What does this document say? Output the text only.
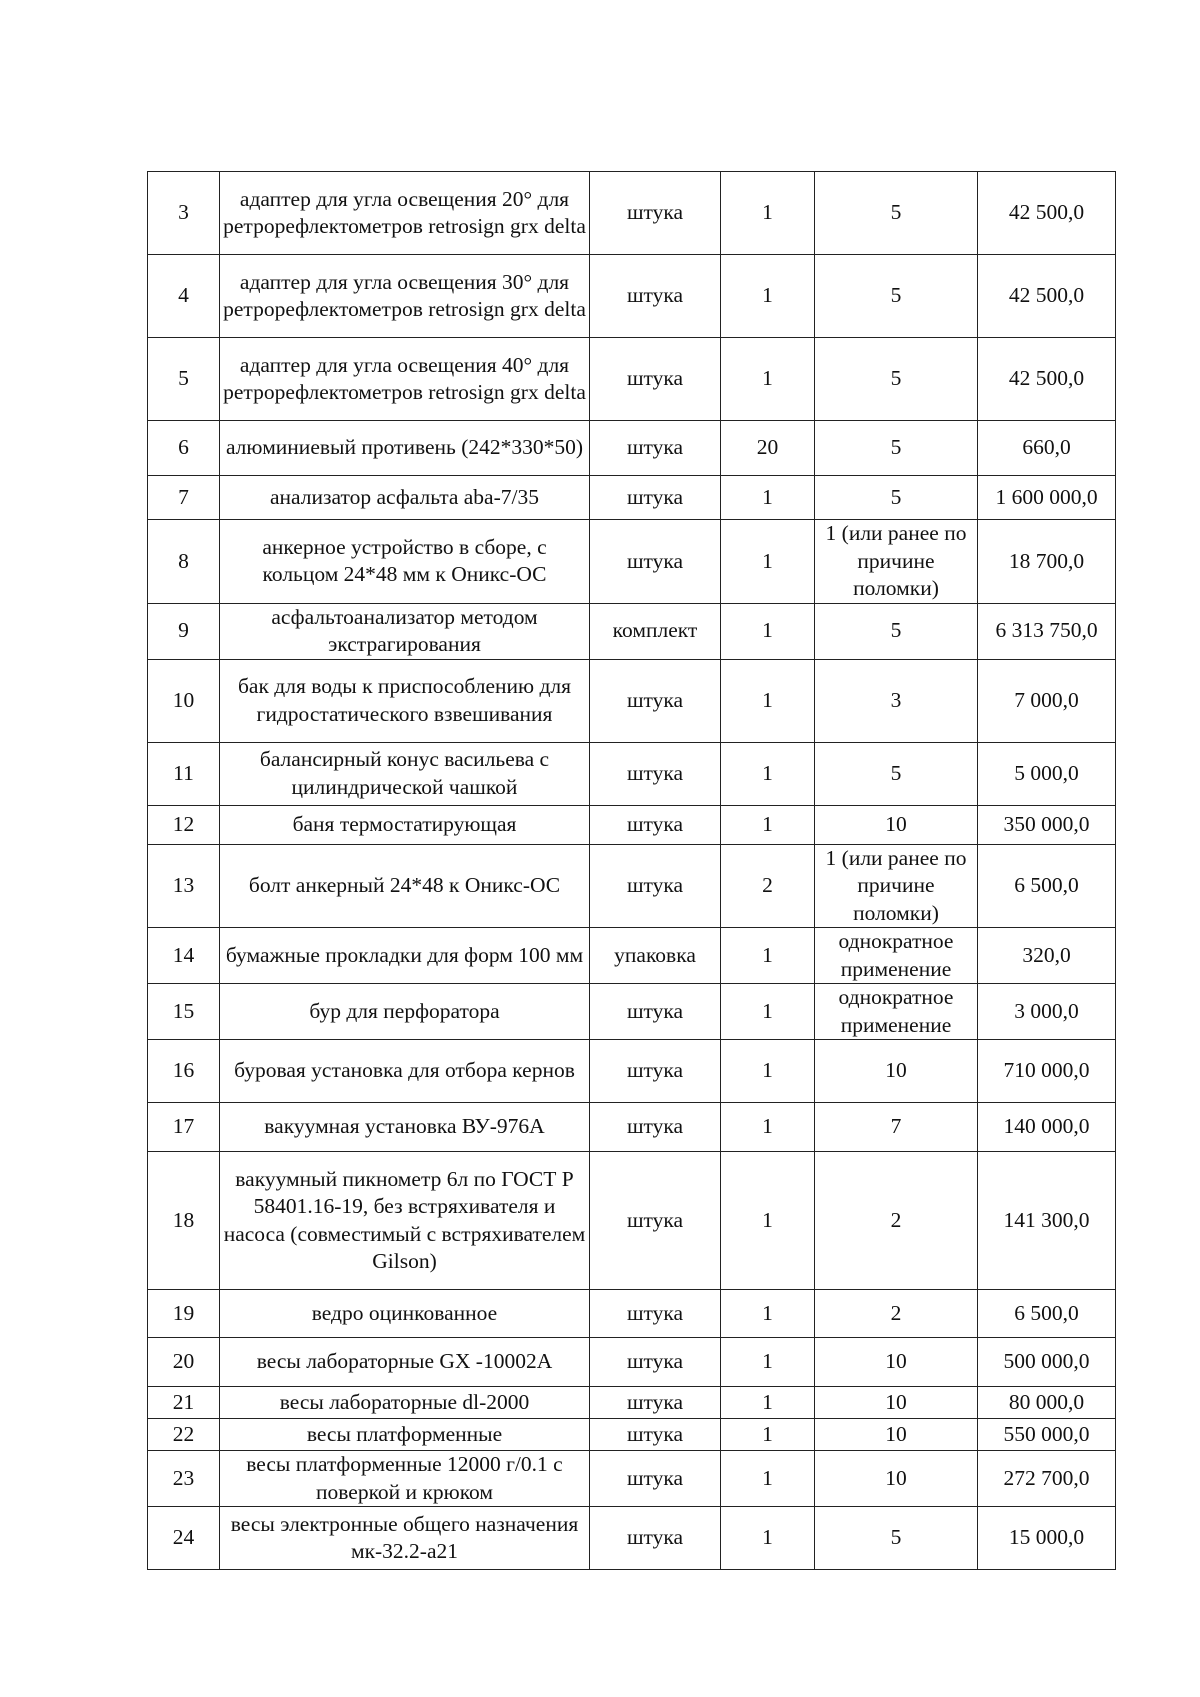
3	адаптер для угла освещения 20° для ретрорефлектометров retrosign grx delta	штука	1	5	42 500,0
4	адаптер для угла освещения 30° для ретрорефлектометров retrosign grx delta	штука	1	5	42 500,0
5	адаптер для угла освещения 40° для ретрорефлектометров retrosign grx delta	штука	1	5	42 500,0
6	алюминиевый противень (242*330*50)	штука	20	5	660,0
7	анализатор асфальта aba-7/35	штука	1	5	1 600 000,0
8	анкерное устройство в сборе, с кольцом 24*48 мм к Оникс-ОС	штука	1	1 (или ранее по причине поломки)	18 700,0
9	асфальтоанализатор методом экстрагирования	комплект	1	5	6 313 750,0
10	бак для воды к приспособлению для гидростатического взвешивания	штука	1	3	7 000,0
11	балансирный конус васильева с цилиндрической чашкой	штука	1	5	5 000,0
12	баня термостатирующая	штука	1	10	350 000,0
13	болт анкерный 24*48 к Оникс-ОС	штука	2	1 (или ранее по причине поломки)	6 500,0
14	бумажные прокладки для форм 100 мм	упаковка	1	однократное применение	320,0
15	бур для перфоратора	штука	1	однократное применение	3 000,0
16	буровая установка для отбора кернов	штука	1	10	710 000,0
17	вакуумная установка ВУ-976А	штука	1	7	140 000,0
18	вакуумный пикнометр 6л по ГОСТ Р 58401.16-19, без встряхивателя и насоса (совместимый с встряхивателем Gilson)	штука	1	2	141 300,0
19	ведро оцинкованное	штука	1	2	6 500,0
20	весы лабораторные GX -10002A	штука	1	10	500 000,0
21	весы лабораторные dl-2000	штука	1	10	80 000,0
22	весы платформенные	штука	1	10	550 000,0
23	весы платформенные 12000 г/0.1 с поверкой и крюком	штука	1	10	272 700,0
24	весы электронные общего назначения мк-32.2-а21	штука	1	5	15 000,0
